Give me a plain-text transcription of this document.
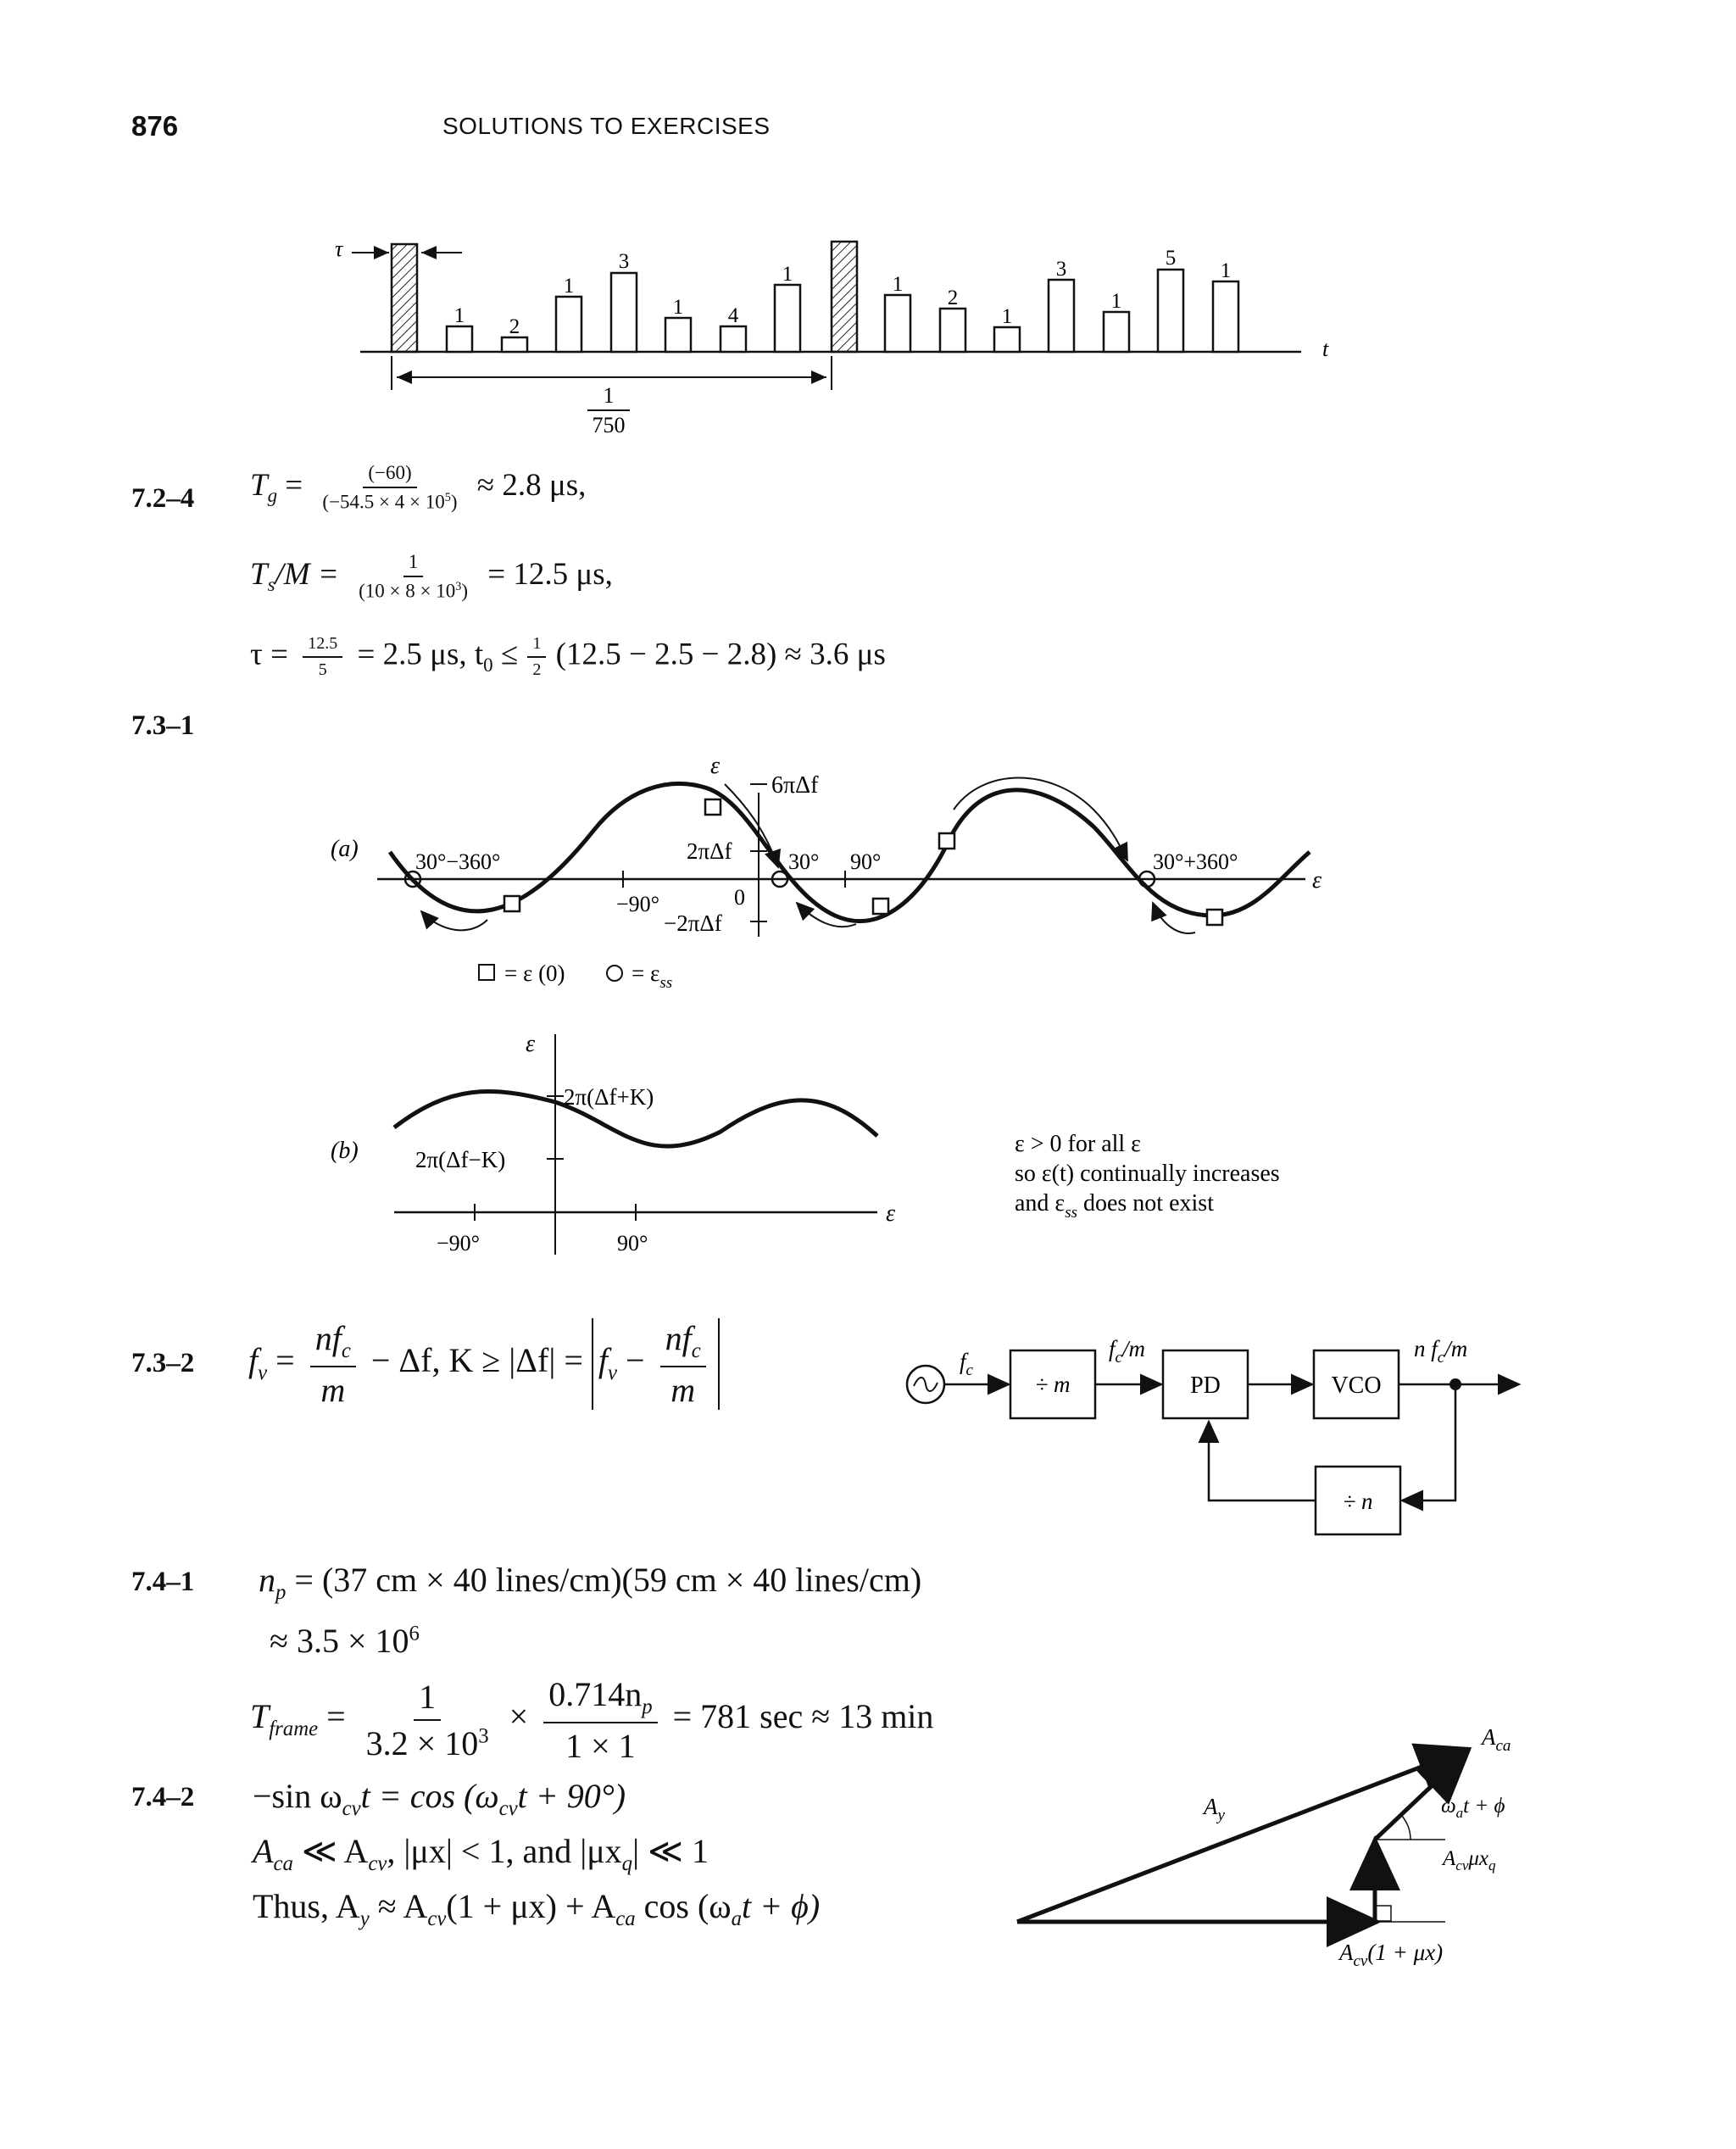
876	SOLUTIONS TO EXERCISES
1 2
1
3
1 4
1	1
2
1
3
1
5
1
τ
t
1
750
7.2–4 $T_g = \frac{(-60)}{(-54.5 \times 4 \times 10^5)} \approx 2.8$ μs,
$T_s/M = \frac{1}{(10 \times 8 \times 10^3)} = 12.5$ μs,
$\tau = \frac{12.5}{5} = 2.5$ μs, $t_0 \le \frac{1}{2} (12.5 - 2.5 - 2.8) \approx 3.6$ μs
7.3–1
(a)
ε
6πΔf
2πΔf
−2πΔf
0
30° 90°
−90°
30°−360°	30°+360°
ε
= ε (0)	= $\varepsilon_{ss}$
(b)
ε
2π(Δf+K)
2π(Δf−K)
−90°	90°
ε
ε > 0 for all ε
so ε(t) continually increases
and $\varepsilon_{ss}$ does not exist
7.3–2 $f_v = \frac{nf_c}{m} - \Delta f$, $K \ge |\Delta f| = f_v - \frac{nf_c}{m}$	$f_c$
÷ m
$f_c/m$
PD	VCO
n $f_c/m$
÷ n
7.4–1 $n_p = (37$ cm × 40 lines/cm)(59 cm × 40 lines/cm)
≈ $3.5 \times 10^6$
$T_{frame} = \frac{1}{3.2 \times 10^3} \times \frac{0.714n_p}{1 \times 1} = 781$ sec ≈ 13 min
7.4–2 −sin $\omega_{cv}t = \cos (\omega_{cv}t + 90^\circ)$
$A_{ca}$ ≪ $A_{cv}$, |μx| < 1, and $|\mu x_q|$ ≪ 1
Thus, $A_y \approx A_{cv}(1 + \mu x) + A_{ca}$ $\cos (\omega_at + \phi)$
$A_{ca}$
$A_y$	$\omega_at + \phi$
$A_{cv}\mu x_q$
$A_{cv}(1 + \mu x)$
